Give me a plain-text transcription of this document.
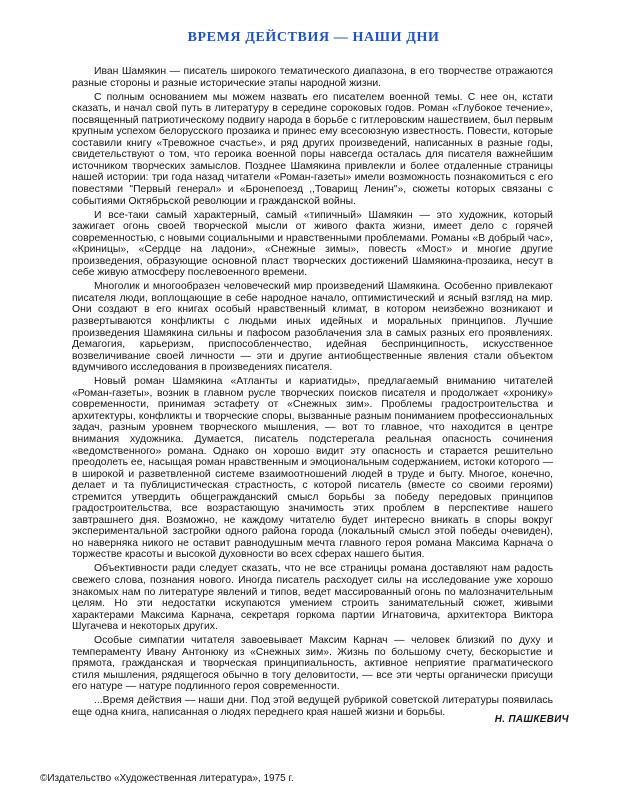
ВРЕМЯ ДЕЙСТВИЯ — НАШИ ДНИ

Иван Шамякин — писатель широкого тематического диапазона, в его творчестве отражаются разные стороны и разные исторические этапы народной жизни.

С полным основанием мы можем назвать его писателем военной темы. С нее он, кстати сказать, и начал свой путь в литературу в середине сороковых годов. Роман «Глубокое течение», посвященный патриотическому подвигу народа в борьбе с гитлеровским нашествием, был первым крупным успехом белорусского прозаика и принес ему всесоюзную известность. Повести, которые составили книгу «Тревожное счастье», и ряд других произведений, написанных в разные годы, свидетельствуют о том, что героика военной поры навсегда осталась для писателя важнейшим источником творческих замыслов. Позднее Шамякина привлекли и более отдаленные страницы нашей истории: три года назад читатели «Роман-газеты» имели возможность познакомиться с его повестями "Первый генерал» и «Бронепоезд ,,Товарищ Ленин"», сюжеты которых связаны с событиями Октябрьской революции и гражданской войны.

И все-таки самый характерный, самый «типичный» Шамякин — это художник, который зажигает огонь своей творческой мысли от живого факта жизни, имеет дело с горячей современностью, с новыми социальными и нравственными проблемами. Романы «В добрый час», «Криницы», «Сердце на ладони», «Снежные зимы», повесть «Мост» и многие другие произведения, образующие основной пласт творческих достижений Шамякина-прозаика, несут в себе живую атмосферу послевоенного времени.

Многолик и многообразен человеческий мир произведений Шамякина. Особенно привлекают писателя люди, воплощающие в себе народное начало, оптимистический и ясный взгляд на мир. Они создают в его книгах особый нравственный климат, в котором неизбежно возникают и развертываются конфликты с людьми иных идейных и моральных принципов. Лучшие произведения Шамякина сильны и пафосом разоблачения зла в самых разных его проявлениях. Демагогия, карьеризм, приспособленчество, идейная беспринципность, искусственное возвеличивание своей личности — эти и другие антиобщественные явления стали объектом вдумчивого исследования в произведениях писателя.

Новый роман Шамякина «Атланты и кариатиды», предлагаемый вниманию читателей «Роман-газеты», возник в главном русле творческих поисков писателя и продолжает «хронику» современности, принимая эстафету от «Снежных зим». Проблемы градостроительства и архитектуры, конфликты и творческие споры, вызванные разным пониманием профессиональных задач, разным уровнем творческого мышления, — вот то главное, что находится в центре внимания художника. Думается, писатель подстерегала реальная опасность сочинения «ведомственного» романа. Однако он хорошо видит эту опасность и старается решительно преодолеть ее, насыщая роман нравственным и эмоциональным содержанием, истоки которого — в широкой и разветвленной системе взаимоотношений людей в труде и быту. Многое, конечно, делает и та публицистическая страстность, с которой писатель (вместе со своими героями) стремится утвердить общегражданский смысл борьбы за победу передовых принципов градостроительства, все возрастающую значимость этих проблем в перспективе нашего завтрашнего дня. Возможно, не каждому читателю будет интересно вникать в споры вокруг экспериментальной застройки одного района города (локальный смысл этой победы очевиден), но наверняка никого не оставит равнодушным мечта главного героя романа Максима Карнача о торжестве красоты и высокой духовности во всех сферах нашего бытия.

Объективности ради следует сказать, что не все страницы романа доставляют нам радость свежего слова, познания нового. Иногда писатель расходует силы на исследование уже хорошо знакомых нам по литературе явлений и типов, ведет массированный огонь по малозначительным целям. Но эти недостатки искупаются умением строить занимательный сюжет, живыми характерами Максима Карнача, секретаря горкома партии Игнатовича, архитектора Виктора Шугачева и некоторых других.

Особые симпатии читателя завоевывает Максим Карнач — человек близкий по духу и темпераменту Ивану Антонюку из «Снежных зим». Жизнь по большому счету, бескорыстие и прямота, гражданская и творческая принципиальность, активное неприятие прагматического стиля мышления, рядящегося обычно в тогу деловитости, — все эти черты органически присущи его натуре — натуре подлинного героя современности.

...Время действия — наши дни. Под этой ведущей рубрикой советской литературы появилась еще одна книга, написанная о людях переднего края нашей жизни и борьбы.

Н. ПАШКЕВИЧ
©Издательство «Художественная литература», 1975 г.
